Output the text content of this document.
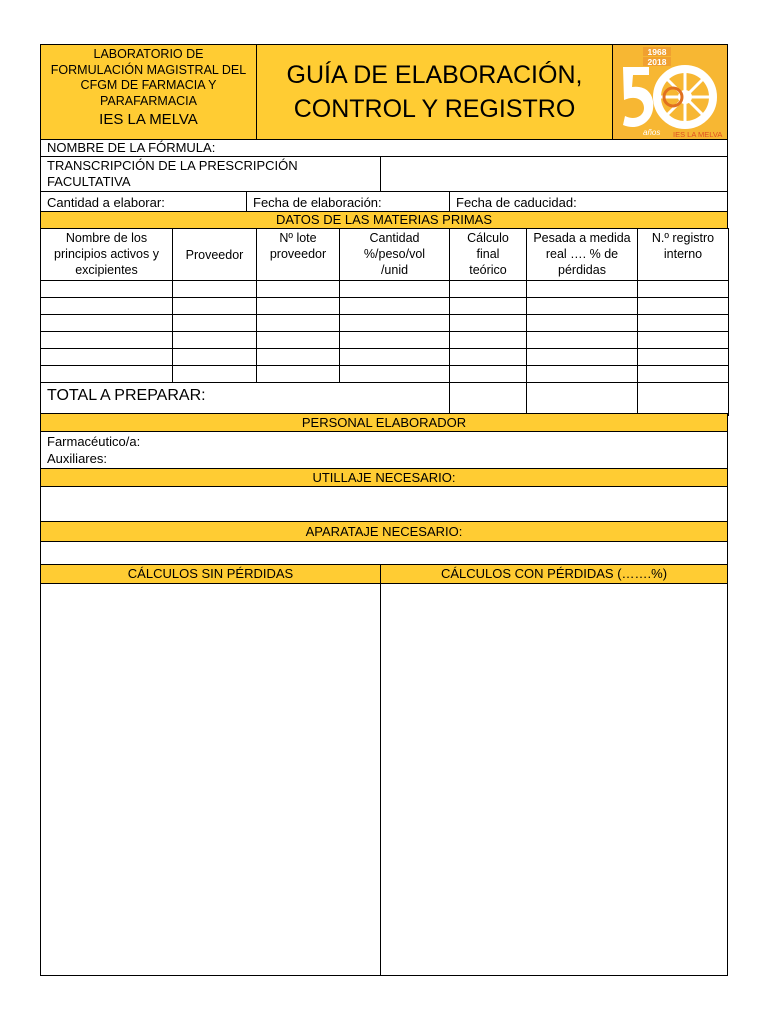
LABORATORIO DE
FORMULACIÓN MAGISTRAL DEL
CFGM DE FARMACIA Y
PARAFARMACIA
IES LA MELVA
GUÍA DE ELABORACIÓN,
CONTROL Y REGISTRO
1968
2018
años IES LA MELVA
NOMBRE DE LA FÓRMULA:
TRANSCRIPCIÓN DE LA PRESCRIPCIÓN FACULTATIVA
Cantidad a elaborar:	Fecha de elaboración:	Fecha de caducidad:
DATOS DE LAS MATERIAS PRIMAS
Nombre de los principios activos y excipientes	Proveedor	Nº lote proveedor	Cantidad %/peso/vol /unid	Cálculo final teórico	Pesada a medida real …. % de pérdidas	N.º registro interno

TOTAL A PREPARAR:						
PERSONAL ELABORADOR
Farmacéutico/a:
Auxiliares:
UTILLAJE NECESARIO:
APARATAJE NECESARIO:
CÁLCULOS SIN PÉRDIDAS	CÁLCULOS CON PÉRDIDAS (…….%)
